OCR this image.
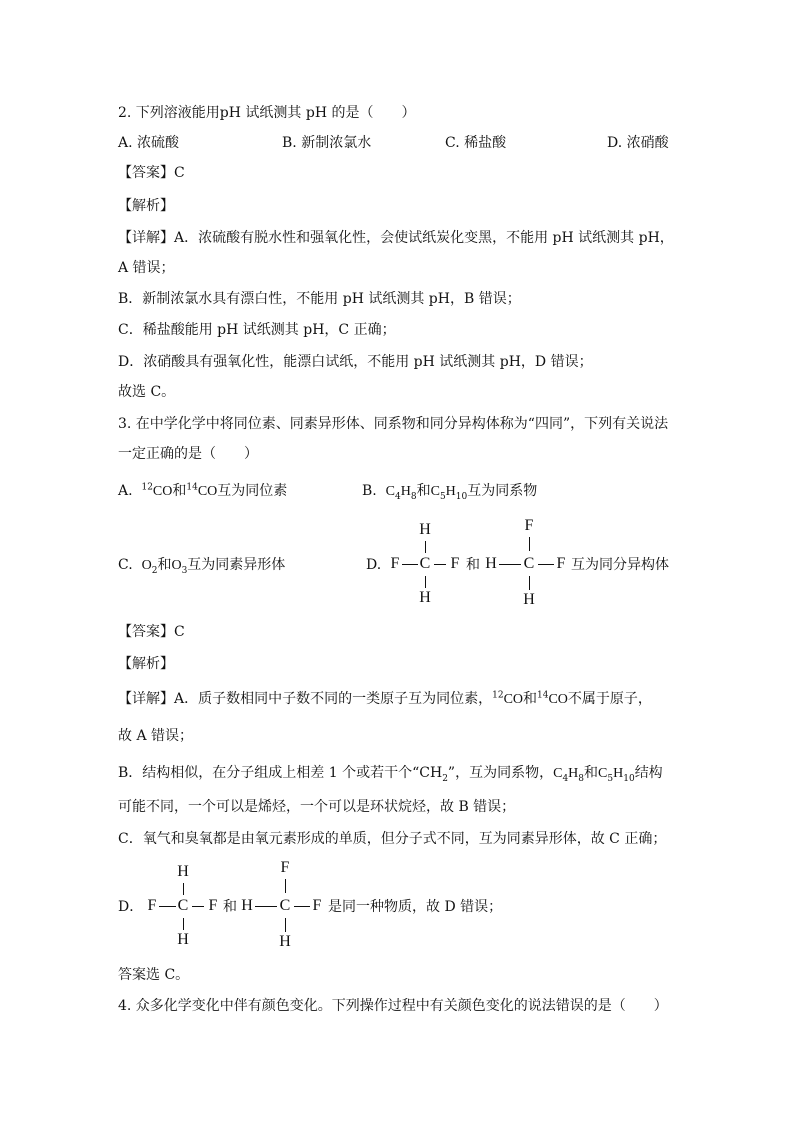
2. 下列溶液能用pH 试纸测其 pH 的是（　　）
A. 浓硫酸	B. 新制浓氯水	C. 稀盐酸	D. 浓硝酸
【答案】C
【解析】
【详解】A．浓硫酸有脱水性和强氧化性，会使试纸炭化变黑，不能用 pH 试纸测其 pH，
A 错误；
B．新制浓氯水具有漂白性，不能用 pH 试纸测其 pH，B 错误；
C．稀盐酸能用 pH 试纸测其 pH，C 正确；
D．浓硝酸具有强氧化性，能漂白试纸，不能用 pH 试纸测其 pH，D 错误；
故选 C。
3. 在中学化学中将同位素、同素异形体、同系物和同分异构体称为“四同”，下列有关说法
一定正确的是（　　）
A. $^{12}$CO和$^{14}$CO互为同位素	B. $C_4H_8$和$C_5H_{10}$互为同系物
C. $O_2$和$O_3$互为同素异形体	D.
H
F C F
H
和
F
H C F
H
互为同分异构体
【答案】C
【解析】
【详解】A．质子数相同中子数不同的一类原子互为同位素，$^{12}$CO和$^{14}$CO不属于原子，
故 A 错误；
B．结构相似，在分子组成上相差 1 个或若干个“$CH_2$”，互为同系物，$C_4H_8$和$C_5H_{10}$结构
可能不同，一个可以是烯烃，一个可以是环状烷烃，故 B 错误；
C．氧气和臭氧都是由氧元素形成的单质，但分子式不同，互为同素异形体，故 C 正确；
D．
H
F C F
H
和
F
H C F
H
是同一种物质，故 D 错误；
答案选 C。
4. 众多化学变化中伴有颜色变化。下列操作过程中有关颜色变化的说法错误的是（　　）
